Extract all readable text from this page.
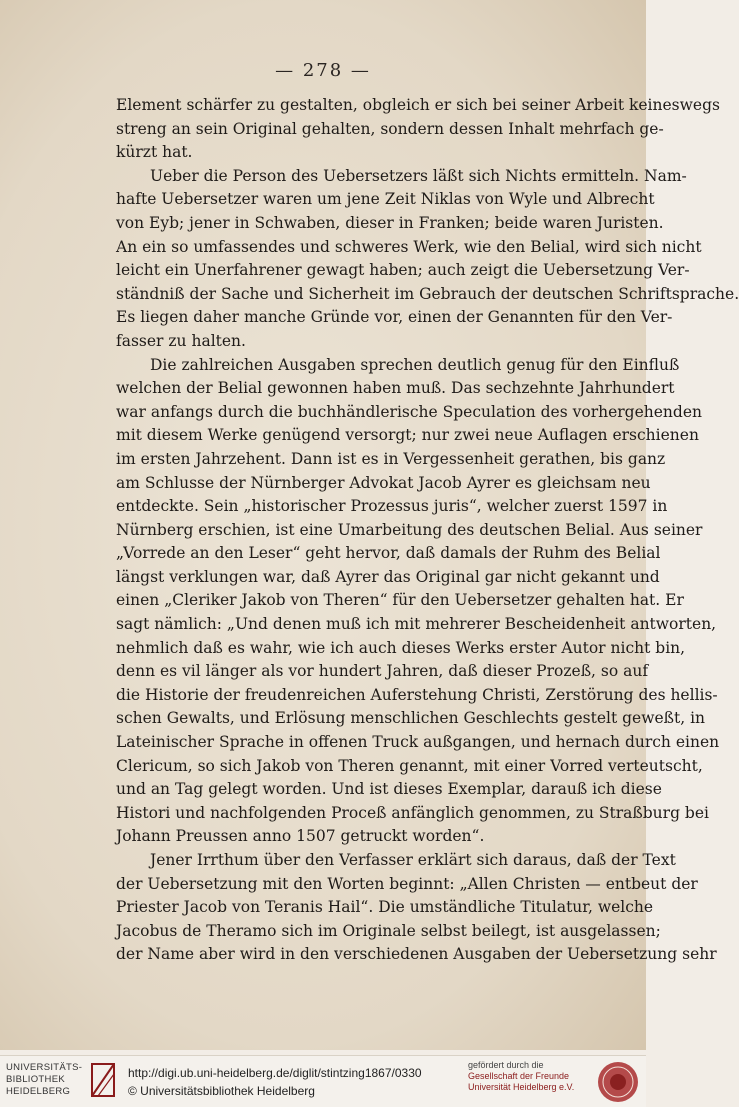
— 278 —
Element schärfer zu gestalten, obgleich er sich bei seiner Arbeit keineswegs
streng an sein Original gehalten, sondern dessen Inhalt mehrfach ge-
kürzt hat.
Ueber die Person des Uebersetzers läßt sich Nichts ermitteln. Nam-
hafte Uebersetzer waren um jene Zeit Niklas von Wyle und Albrecht
von Eyb; jener in Schwaben, dieser in Franken; beide waren Juristen.
An ein so umfassendes und schweres Werk, wie den Belial, wird sich nicht
leicht ein Unerfahrener gewagt haben; auch zeigt die Uebersetzung Ver-
ständniß der Sache und Sicherheit im Gebrauch der deutschen Schriftsprache.
Es liegen daher manche Gründe vor, einen der Genannten für den Ver-
fasser zu halten.
Die zahlreichen Ausgaben sprechen deutlich genug für den Einfluß
welchen der Belial gewonnen haben muß. Das sechzehnte Jahrhundert
war anfangs durch die buchhändlerische Speculation des vorhergehenden
mit diesem Werke genügend versorgt; nur zwei neue Auflagen erschienen
im ersten Jahrzehent. Dann ist es in Vergessenheit gerathen, bis ganz
am Schlusse der Nürnberger Advokat Jacob Ayrer es gleichsam neu
entdeckte. Sein „historischer Prozessus juris“, welcher zuerst 1597 in
Nürnberg erschien, ist eine Umarbeitung des deutschen Belial. Aus seiner
„Vorrede an den Leser“ geht hervor, daß damals der Ruhm des Belial
längst verklungen war, daß Ayrer das Original gar nicht gekannt und
einen „Cleriker Jakob von Theren“ für den Uebersetzer gehalten hat. Er
sagt nämlich: „Und denen muß ich mit mehrerer Bescheidenheit antworten,
nehmlich daß es wahr, wie ich auch dieses Werks erster Autor nicht bin,
denn es vil länger als vor hundert Jahren, daß dieser Prozeß, so auf
die Historie der freudenreichen Auferstehung Christi, Zerstörung des hellis-
schen Gewalts, und Erlösung menschlichen Geschlechts gestelt geweßt, in
Lateinischer Sprache in offenen Truck außgangen, und hernach durch einen
Clericum, so sich Jakob von Theren genannt, mit einer Vorred verteutscht,
und an Tag gelegt worden. Und ist dieses Exemplar, darauß ich diese
Histori und nachfolgenden Proceß anfänglich genommen, zu Straßburg bei
Johann Preussen anno 1507 getruckt worden“.
Jener Irrthum über den Verfasser erklärt sich daraus, daß der Text
der Uebersetzung mit den Worten beginnt: „Allen Christen — entbeut der
Priester Jacob von Teranis Hail“. Die umständliche Titulatur, welche
Jacobus de Theramo sich im Originale selbst beilegt, ist ausgelassen;
der Name aber wird in den verschiedenen Ausgaben der Uebersetzung sehr
UNIVERSITÄTS- BIBLIOTHEK HEIDELBERG
http://digi.ub.uni-heidelberg.de/diglit/stintzing1867/0330
© Universitätsbibliothek Heidelberg
gefördert durch die
Gesellschaft der Freunde Universität Heidelberg e.V.
